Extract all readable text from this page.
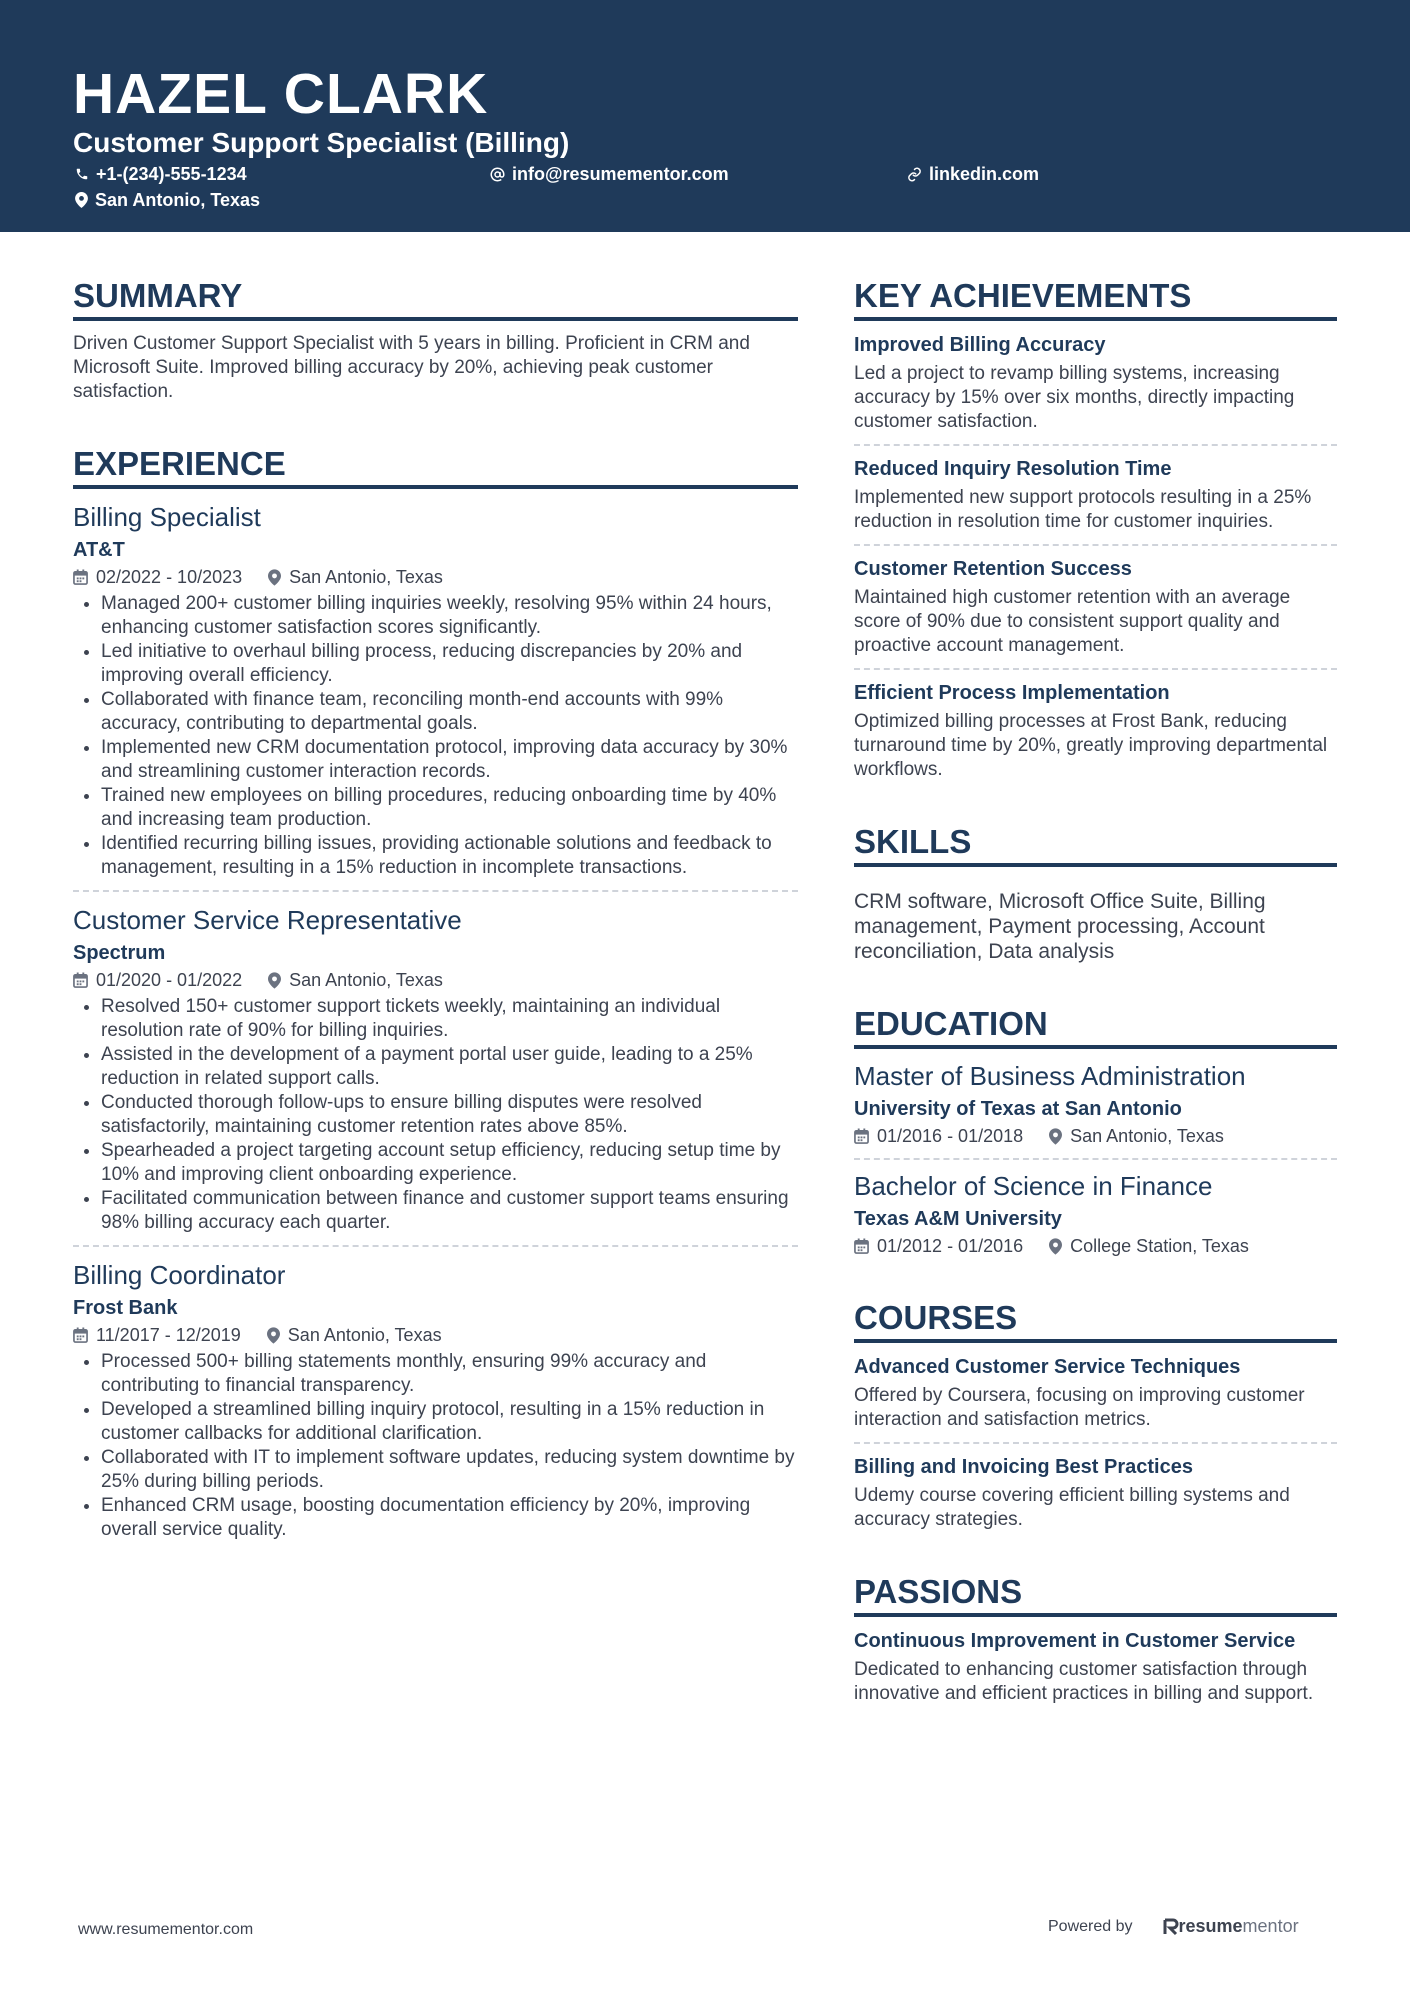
HAZEL CLARK
Customer Support Specialist (Billing)
+1-(234)-555-1234	info@resumementor.com	linkedin.com
San Antonio, Texas
SUMMARY

Driven Customer Support Specialist with 5 years in billing. Proficient in CRM and Microsoft Suite. Improved billing accuracy by 20%, achieving peak customer satisfaction.

EXPERIENCE
Billing Specialist
AT&T
02/2022 - 10/2023	San Antonio, Texas
• Managed 200+ customer billing inquiries weekly, resolving 95% within 24 hours, enhancing customer satisfaction scores significantly.
• Led initiative to overhaul billing process, reducing discrepancies by 20% and improving overall efficiency.
• Collaborated with finance team, reconciling month-end accounts with 99% accuracy, contributing to departmental goals.
• Implemented new CRM documentation protocol, improving data accuracy by 30% and streamlining customer interaction records.
• Trained new employees on billing procedures, reducing onboarding time by 40% and increasing team production.
• Identified recurring billing issues, providing actionable solutions and feedback to management, resulting in a 15% reduction in incomplete transactions.
Customer Service Representative
Spectrum
01/2020 - 01/2022	San Antonio, Texas
• Resolved 150+ customer support tickets weekly, maintaining an individual resolution rate of 90% for billing inquiries.
• Assisted in the development of a payment portal user guide, leading to a 25% reduction in related support calls.
• Conducted thorough follow-ups to ensure billing disputes were resolved satisfactorily, maintaining customer retention rates above 85%.
• Spearheaded a project targeting account setup efficiency, reducing setup time by 10% and improving client onboarding experience.
• Facilitated communication between finance and customer support teams ensuring 98% billing accuracy each quarter.
Billing Coordinator
Frost Bank
11/2017 - 12/2019	San Antonio, Texas
• Processed 500+ billing statements monthly, ensuring 99% accuracy and contributing to financial transparency.
• Developed a streamlined billing inquiry protocol, resulting in a 15% reduction in customer callbacks for additional clarification.
• Collaborated with IT to implement software updates, reducing system downtime by 25% during billing periods.
• Enhanced CRM usage, boosting documentation efficiency by 20%, improving overall service quality.
KEY ACHIEVEMENTS
Improved Billing Accuracy
Led a project to revamp billing systems, increasing accuracy by 15% over six months, directly impacting customer satisfaction.
Reduced Inquiry Resolution Time
Implemented new support protocols resulting in a 25% reduction in resolution time for customer inquiries.
Customer Retention Success
Maintained high customer retention with an average score of 90% due to consistent support quality and proactive account management.
Efficient Process Implementation
Optimized billing processes at Frost Bank, reducing turnaround time by 20%, greatly improving departmental workflows.
SKILLS
CRM software, Microsoft Office Suite, Billing management, Payment processing, Account reconciliation, Data analysis
EDUCATION
Master of Business Administration
University of Texas at San Antonio
01/2016 - 01/2018	San Antonio, Texas
Bachelor of Science in Finance
Texas A&M University
01/2012 - 01/2016	College Station, Texas
COURSES
Advanced Customer Service Techniques
Offered by Coursera, focusing on improving customer interaction and satisfaction metrics.
Billing and Invoicing Best Practices
Udemy course covering efficient billing systems and accuracy strategies.
PASSIONS
Continuous Improvement in Customer Service
Dedicated to enhancing customer satisfaction through innovative and efficient practices in billing and support.
www.resumementor.com	Powered by	resume mentor
